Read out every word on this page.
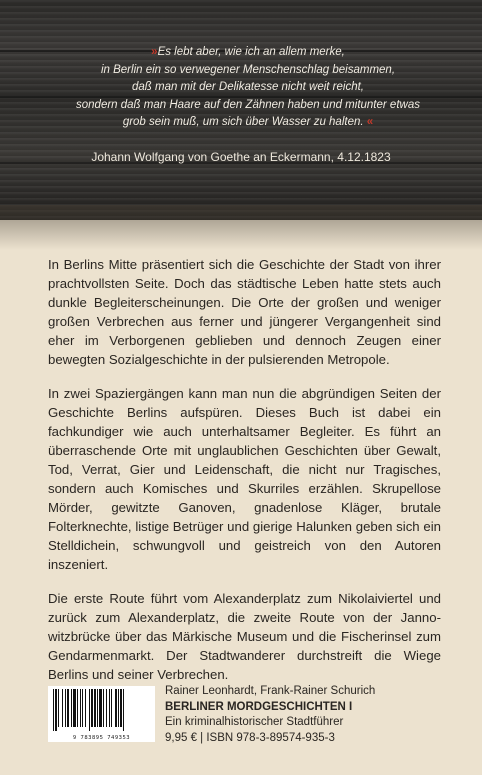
»Es lebt aber, wie ich an allem merke,
in Berlin ein so verwegener Menschenschlag beisammen,
daß man mit der Delikatesse nicht weit reicht,
sondern daß man Haare auf den Zähnen haben und mitunter etwas
grob sein muß, um sich über Wasser zu halten. «
Johann Wolfgang von Goethe an Eckermann, 4.12.1823

In Berlins Mitte präsentiert sich die Geschichte der Stadt von ihrer prachtvollsten Seite. Doch das städtische Leben hatte stets auch dunkle Begleiterscheinungen. Die Orte der großen und weniger großen Verbrechen aus ferner und jüngerer Vergangenheit sind eher im Verborgenen geblieben und dennoch Zeugen einer bewegten Sozialgeschichte in der pulsierenden Metropole.

In zwei Spaziergängen kann man nun die abgründigen Seiten der Geschichte Berlins aufspüren. Dieses Buch ist dabei ein fachkundiger wie auch unterhaltsamer Begleiter. Es führt an überraschende Orte mit unglaublichen Geschichten über Gewalt, Tod, Verrat, Gier und Leidenschaft, die nicht nur Tragisches, sondern auch Komisches und Skurriles erzählen. Skrupellose Mörder, gewitzte Ganoven, gnadenlose Kläger, brutale Folterknechte, listige Betrüger und gierige Halunken geben sich ein Stelldichein, schwungvoll und geistreich von den Autoren inszeniert.

Die erste Route führt vom Alexanderplatz zum Nikolaiviertel und zurück zum Alexanderplatz, die zweite Route von der Jannowitzbrücke über das Märkische Museum und die Fischerinsel zum Gendarmenmarkt. Der Stadtwanderer durchstreift die Wiege Berlins und seiner Verbrechen.

9 783895 749353
Rainer Leonhardt, Frank-Rainer Schurich
BERLINER MORDGESCHICHTEN I
Ein kriminalhistorischer Stadtführer
9,95 € | ISBN 978-3-89574-935-3
